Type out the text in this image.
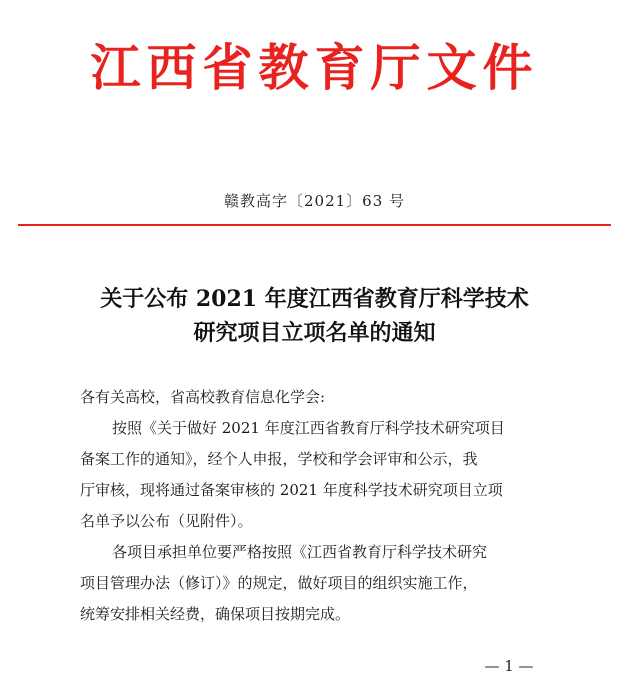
江西省教育厅文件
赣教高字〔2021〕63 号
关于公布 2021 年度江西省教育厅科学技术
研究项目立项名单的通知

各有关高校，省高校教育信息化学会:

按照《关于做好 2021 年度江西省教育厅科学技术研究项目
备案工作的通知》，经个人申报，学校和学会评审和公示，我
厅审核，现将通过备案审核的 2021 年度科学技术研究项目立项
名单予以公布（见附件）。

各项目承担单位要严格按照《江西省教育厅科学技术研究
项目管理办法（修订）》的规定，做好项目的组织实施工作，
统筹安排相关经费，确保项目按期完成。

— 1 —
